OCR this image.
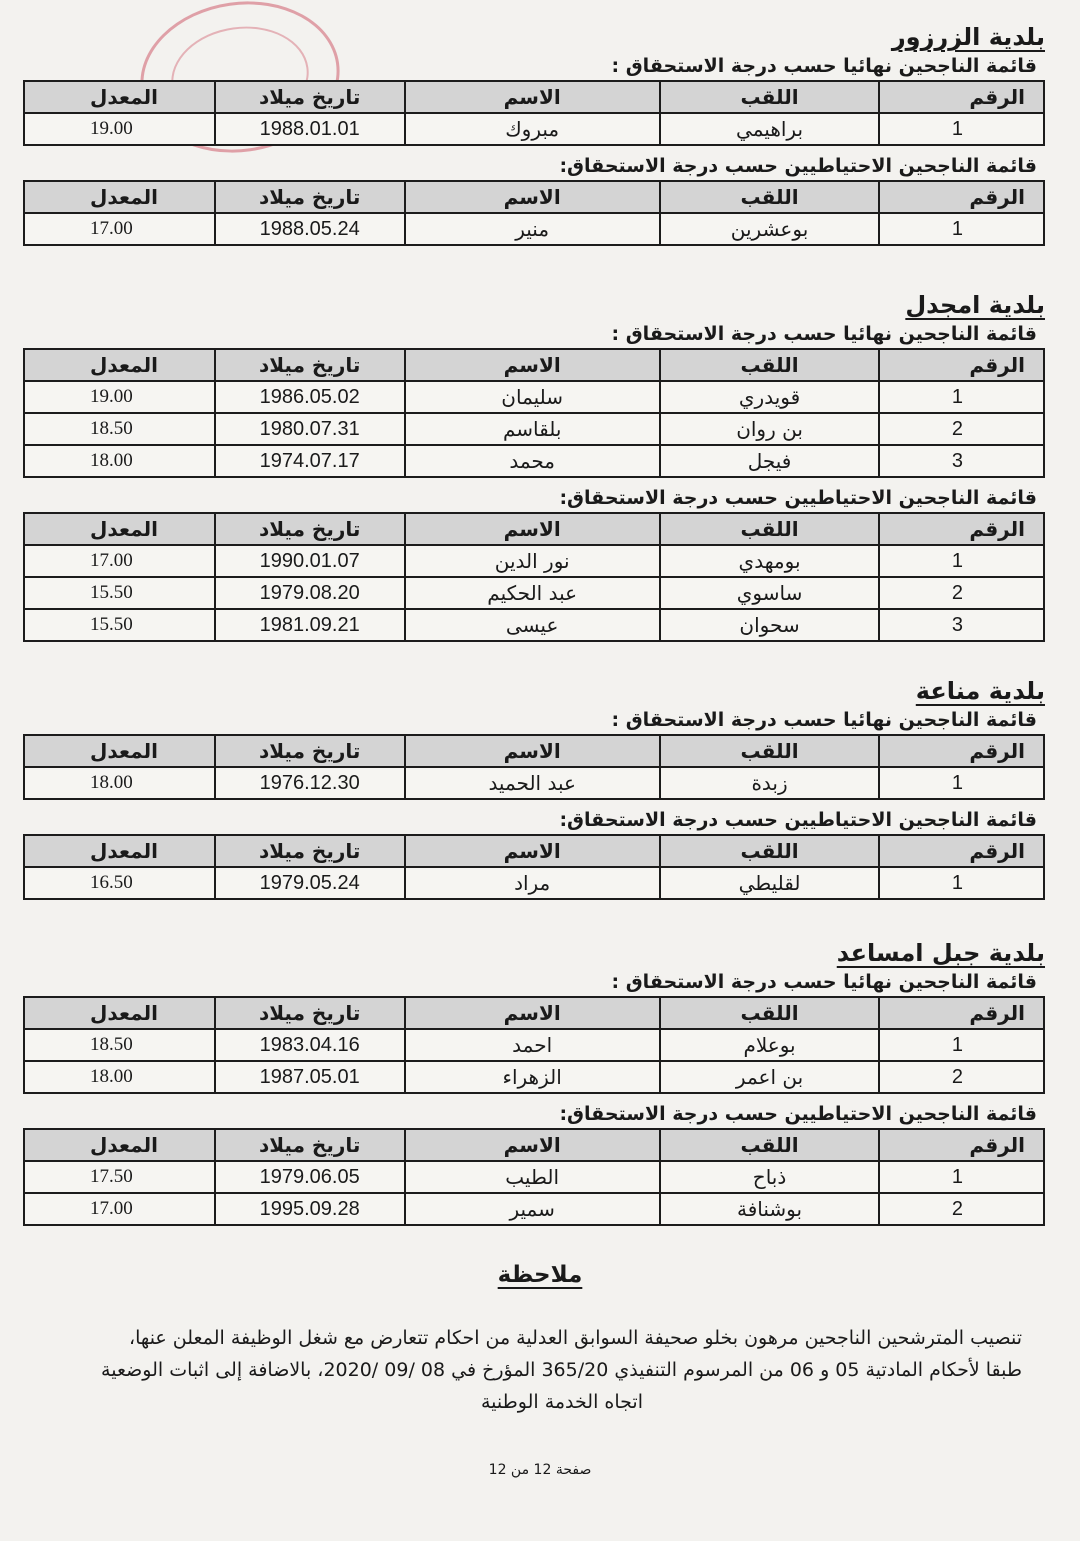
بلدية الزرزور
قائمة الناجحين نهائيا حسب درجة الاستحقاق :
الرقم	اللقب	الاسم	تاريخ ميلاد	المعدل
1	براهيمي	مبروك	1988.01.01	19.00
قائمة الناجحين الاحتياطيين حسب درجة الاستحقاق:
الرقم	اللقب	الاسم	تاريخ ميلاد	المعدل
1	بوعشرين	منير	1988.05.24	17.00
بلدية امجدل
قائمة الناجحين نهائيا حسب درجة الاستحقاق :
الرقم	اللقب	الاسم	تاريخ ميلاد	المعدل
1	قويدري	سليمان	1986.05.02	19.00
2	بن روان	بلقاسم	1980.07.31	18.50
3	فيجل	محمد	1974.07.17	18.00
قائمة الناجحين الاحتياطيين حسب درجة الاستحقاق:
الرقم	اللقب	الاسم	تاريخ ميلاد	المعدل
1	بومهدي	نور الدين	1990.01.07	17.00
2	ساسوي	عبد الحكيم	1979.08.20	15.50
3	سحوان	عيسى	1981.09.21	15.50
بلدية مناعة
قائمة الناجحين نهائيا حسب درجة الاستحقاق :
الرقم	اللقب	الاسم	تاريخ ميلاد	المعدل
1	زبدة	عبد الحميد	1976.12.30	18.00
قائمة الناجحين الاحتياطيين حسب درجة الاستحقاق:
الرقم	اللقب	الاسم	تاريخ ميلاد	المعدل
1	لقليطي	مراد	1979.05.24	16.50
بلدية جبل امساعد
قائمة الناجحين نهائيا حسب درجة الاستحقاق :
الرقم	اللقب	الاسم	تاريخ ميلاد	المعدل
1	بوعلام	احمد	1983.04.16	18.50
2	بن اعمر	الزهراء	1987.05.01	18.00
قائمة الناجحين الاحتياطيين حسب درجة الاستحقاق:
الرقم	اللقب	الاسم	تاريخ ميلاد	المعدل
1	ذباح	الطيب	1979.06.05	17.50
2	بوشنافة	سمير	1995.09.28	17.00
ملاحظة
تنصيب المترشحين الناجحين مرهون بخلو صحيفة السوابق العدلية من احكام تتعارض مع شغل الوظيفة المعلن عنها،
طبقا لأحكام المادتية 05 و 06 من المرسوم التنفيذي 365/20 المؤرخ في 08 /09 /2020، بالاضافة إلى اثبات الوضعية
اتجاه الخدمة الوطنية
صفحة 12 من 12
